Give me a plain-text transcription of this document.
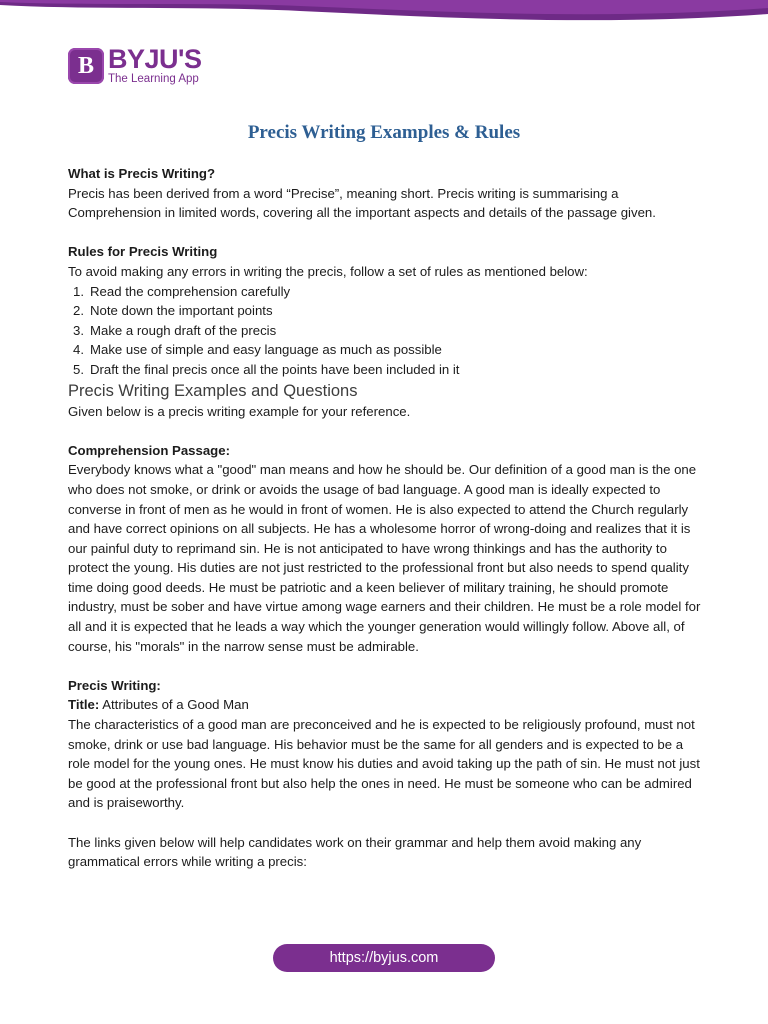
B BYJU'S
The Learning App
Precis Writing Examples & Rules

What is Precis Writing?

Precis has been derived from a word “Precise”, meaning short. Precis writing is summarising a Comprehension in limited words, covering all the important aspects and details of the passage given.

Rules for Precis Writing

To avoid making any errors in writing the precis, follow a set of rules as mentioned below:

1. Read the comprehension carefully
2. Note down the important points
3. Make a rough draft of the precis
4. Make use of simple and easy language as much as possible
5. Draft the final precis once all the points have been included in it

Precis Writing Examples and Questions

Given below is a precis writing example for your reference.

Comprehension Passage:

Everybody knows what a "good" man means and how he should be. Our definition of a good man is the one who does not smoke, or drink or avoids the usage of bad language. A good man is ideally expected to converse in front of men as he would in front of women. He is also expected to attend the Church regularly and have correct opinions on all subjects. He has a wholesome horror of wrong-doing and realizes that it is our painful duty to reprimand sin. He is not anticipated to have wrong thinkings and has the authority to protect the young. His duties are not just restricted to the professional front but also needs to spend quality time doing good deeds. He must be patriotic and a keen believer of military training, he should promote industry, must be sober and have virtue among wage earners and their children. He must be a role model for all and it is expected that he leads a way which the younger generation would willingly follow. Above all, of course, his "morals" in the narrow sense must be admirable.

Precis Writing:

Title: Attributes of a Good Man

The characteristics of a good man are preconceived and he is expected to be religiously profound, must not smoke, drink or use bad language. His behavior must be the same for all genders and is expected to be a role model for the young ones. He must know his duties and avoid taking up the path of sin. He must not just be good at the professional front but also help the ones in need. He must be someone who can be admired and is praiseworthy.

The links given below will help candidates work on their grammar and help them avoid making any grammatical errors while writing a precis:

https://byjus.com
